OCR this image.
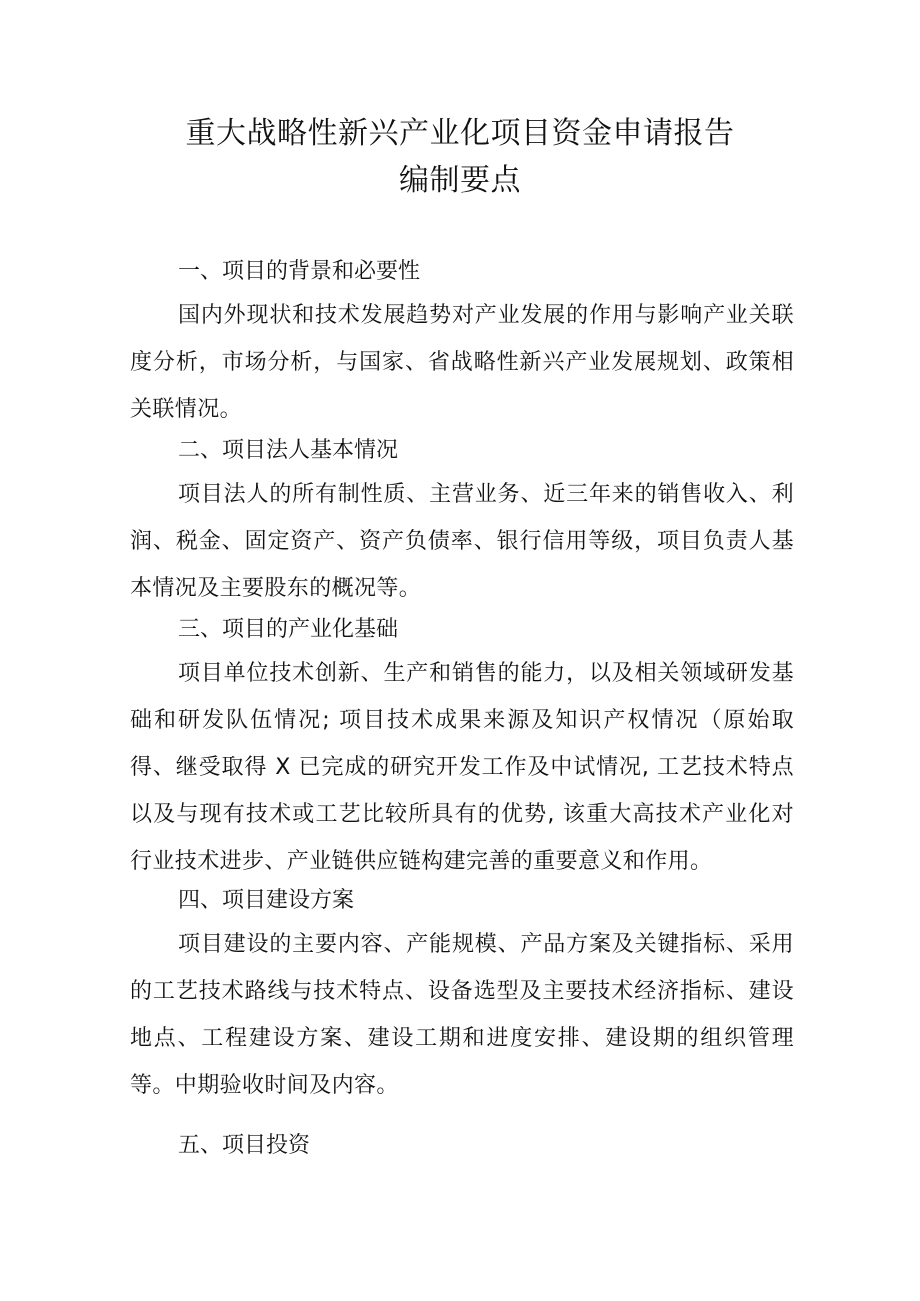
重大战略性新兴产业化项目资金申请报告
编制要点
一、项目的背景和必要性
国内外现状和技术发展趋势对产业发展的作用与影响产业关联度分析，市场分析，与国家、省战略性新兴产业发展规划、政策相关联情况。
二、项目法人基本情况
项目法人的所有制性质、主营业务、近三年来的销售收入、利润、税金、固定资产、资产负债率、银行信用等级，项目负责人基本情况及主要股东的概况等。
三、项目的产业化基础
项目单位技术创新、生产和销售的能力，以及相关领域研发基础和研发队伍情况; 项目技术成果来源及知识产权情况（原始取得、继受取得 X 已完成的研究开发工作及中试情况, 工艺技术特点以及与现有技术或工艺比较所具有的优势, 该重大高技术产业化对行业技术进步、产业链供应链构建完善的重要意义和作用。
四、项目建设方案
项目建设的主要内容、产能规模、产品方案及关键指标、采用的工艺技术路线与技术特点、设备选型及主要技术经济指标、建设地点、工程建设方案、建设工期和进度安排、建设期的组织管理等。中期验收时间及内容。
五、项目投资
